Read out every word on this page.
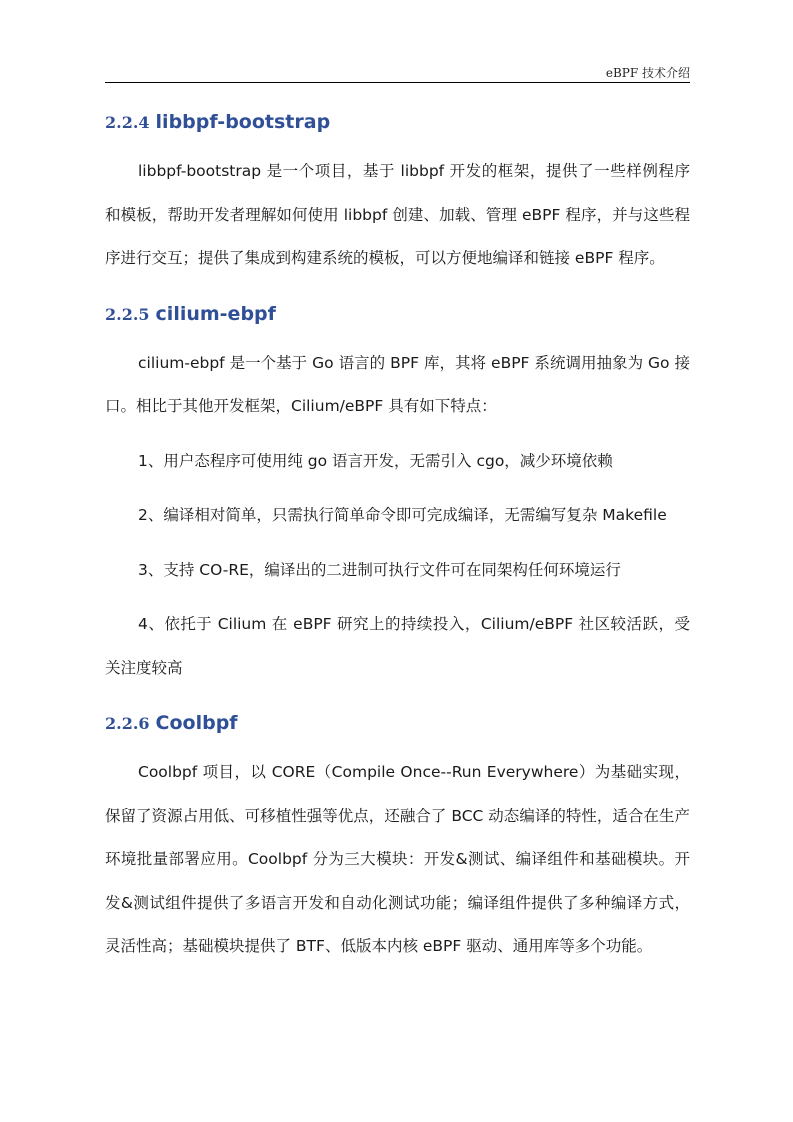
eBPF 技术介绍
2.2.4 libbpf-bootstrap

libbpf-bootstrap 是一个项目，基于 libbpf 开发的框架，提供了一些样例程序和模板，帮助开发者理解如何使用 libbpf 创建、加载、管理 eBPF 程序，并与这些程序进行交互；提供了集成到构建系统的模板，可以方便地编译和链接 eBPF 程序。

2.2.5 cilium-ebpf

cilium-ebpf 是一个基于 Go 语言的 BPF 库，其将 eBPF 系统调用抽象为 Go 接口。相比于其他开发框架，Cilium/eBPF 具有如下特点：

1、用户态程序可使用纯 go 语言开发，无需引入 cgo，减少环境依赖

2、编译相对简单，只需执行简单命令即可完成编译，无需编写复杂 Makefile

3、支持 CO-RE，编译出的二进制可执行文件可在同架构任何环境运行

4、依托于 Cilium 在 eBPF 研究上的持续投入，Cilium/eBPF 社区较活跃，受关注度较高

2.2.6 Coolbpf

Coolbpf 项目，以 CORE（Compile Once--Run Everywhere）为基础实现，保留了资源占用低、可移植性强等优点，还融合了 BCC 动态编译的特性，适合在生产环境批量部署应用。Coolbpf 分为三大模块：开发&测试、编译组件和基础模块。开发&测试组件提供了多语言开发和自动化测试功能；编译组件提供了多种编译方式，灵活性高；基础模块提供了 BTF、低版本内核 eBPF 驱动、通用库等多个功能。
